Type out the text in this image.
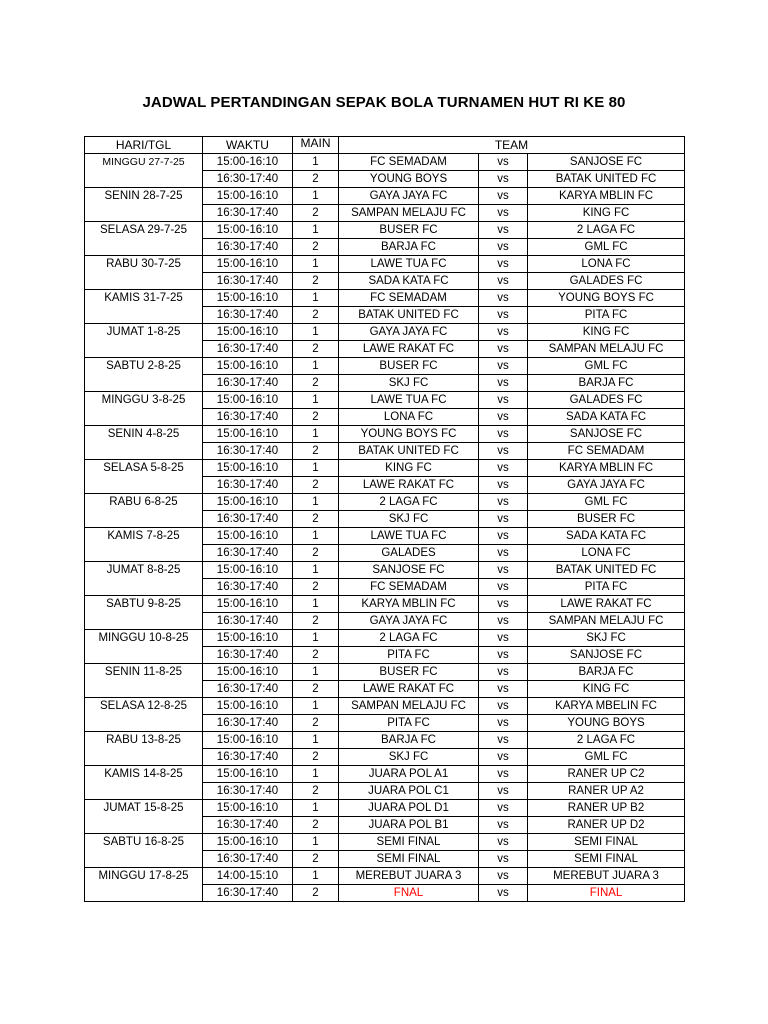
JADWAL PERTANDINGAN SEPAK BOLA TURNAMEN HUT RI KE 80
HARI/TGL	WAKTU	MAIN	TEAM		
MINGGU 27-7-25	15:00-16:10	1	FC SEMADAM	vs	SANJOSE FC
	16:30-17:40	2	YOUNG BOYS	vs	BATAK UNITED FC
SENIN 28-7-25	15:00-16:10	1	GAYA JAYA FC	vs	KARYA MBLIN FC
	16:30-17:40	2	SAMPAN MELAJU FC	vs	KING FC
SELASA 29-7-25	15:00-16:10	1	BUSER FC	vs	2 LAGA FC
	16:30-17:40	2	BARJA FC	vs	GML FC
RABU 30-7-25	15:00-16:10	1	LAWE TUA FC	vs	LONA FC
	16:30-17:40	2	SADA KATA FC	vs	GALADES FC
KAMIS 31-7-25	15:00-16:10	1	FC SEMADAM	vs	YOUNG BOYS FC
	16:30-17:40	2	BATAK UNITED FC	vs	PITA FC
JUMAT 1-8-25	15:00-16:10	1	GAYA JAYA FC	vs	KING FC
	16:30-17:40	2	LAWE RAKAT FC	vs	SAMPAN MELAJU FC
SABTU 2-8-25	15:00-16:10	1	BUSER FC	vs	GML FC
	16:30-17:40	2	SKJ FC	vs	BARJA FC
MINGGU 3-8-25	15:00-16:10	1	LAWE TUA FC	vs	GALADES FC
	16:30-17:40	2	LONA FC	vs	SADA KATA FC
SENIN 4-8-25	15:00-16:10	1	YOUNG BOYS FC	vs	SANJOSE FC
	16:30-17:40	2	BATAK UNITED FC	vs	FC SEMADAM
SELASA 5-8-25	15:00-16:10	1	KING FC	vs	KARYA MBLIN FC
	16:30-17:40	2	LAWE RAKAT FC	vs	GAYA JAYA FC
RABU 6-8-25	15:00-16:10	1	2 LAGA FC	vs	GML FC
	16:30-17:40	2	SKJ FC	vs	BUSER FC
KAMIS 7-8-25	15:00-16:10	1	LAWE TUA FC	vs	SADA KATA FC
	16:30-17:40	2	GALADES	vs	LONA FC
JUMAT 8-8-25	15:00-16:10	1	SANJOSE FC	vs	BATAK UNITED FC
	16:30-17:40	2	FC SEMADAM	vs	PITA FC
SABTU 9-8-25	15:00-16:10	1	KARYA MBLIN FC	vs	LAWE RAKAT FC
	16:30-17:40	2	GAYA JAYA FC	vs	SAMPAN MELAJU FC
MINGGU 10-8-25	15:00-16:10	1	2 LAGA FC	vs	SKJ FC
	16:30-17:40	2	PITA FC	vs	SANJOSE FC
SENIN 11-8-25	15:00-16:10	1	BUSER FC	vs	BARJA FC
	16:30-17:40	2	LAWE RAKAT FC	vs	KING FC
SELASA 12-8-25	15:00-16:10	1	SAMPAN MELAJU FC	vs	KARYA MBELIN FC
	16:30-17:40	2	PITA FC	vs	YOUNG BOYS
RABU 13-8-25	15:00-16:10	1	BARJA FC	vs	2 LAGA FC
	16:30-17:40	2	SKJ FC	vs	GML FC
KAMIS 14-8-25	15:00-16:10	1	JUARA POL A1	vs	RANER UP C2
	16:30-17:40	2	JUARA POL C1	vs	RANER UP A2
JUMAT 15-8-25	15:00-16:10	1	JUARA POL D1	vs	RANER UP B2
	16:30-17:40	2	JUARA POL B1	vs	RANER UP D2
SABTU 16-8-25	15:00-16:10	1	SEMI FINAL	vs	SEMI FINAL
	16:30-17:40	2	SEMI FINAL	vs	SEMI FINAL
MINGGU 17-8-25	14:00-15:10	1	MEREBUT JUARA 3	vs	MEREBUT JUARA 3
	16:30-17:40	2	FNAL	vs	FINAL
